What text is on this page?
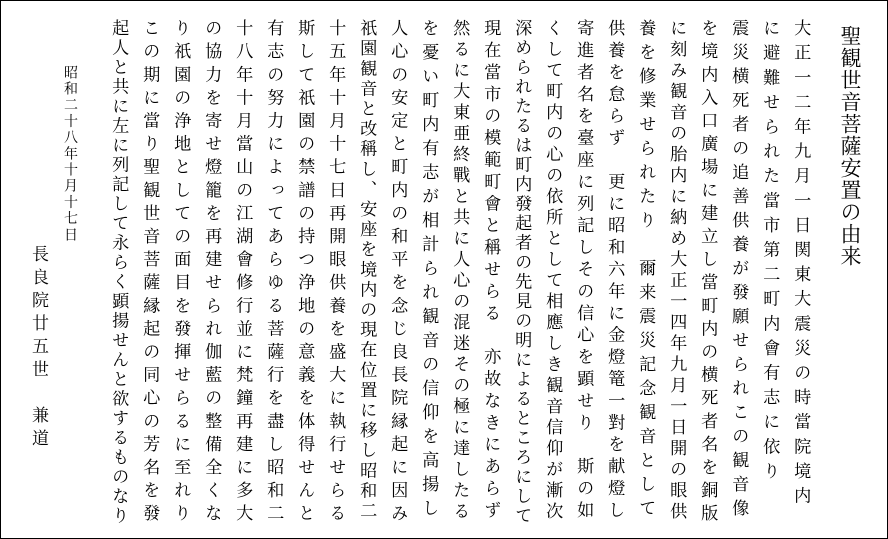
聖観世音菩薩安置の由来
大正一二年九月一日関東大震災の時當院境内
に避難せられた當市第二町内會有志に依り
震災横死者の追善供養が發願せられこの観音像
を境内入口廣場に建立し當町内の横死者名を銅版
に刻み観音の胎内に納め大正一四年九月一日開の眼供
養を修業せられたり　爾来震災記念観音として
供養を怠らず　更に昭和六年に金燈篭一對を献燈し
寄進者名を臺座に列記しその信心を顕せり　斯の如
くして町内の心の依所として相應しき観音信仰が漸次
深められたるは町内發起者の先見の明によるところにして
現在當市の模範町會と稱せらる　亦故なきにあらず
然るに大東亜終戰と共に人心の混迷その極に達したる
を憂い町内有志が相計られ観音の信仰を高揚し
人心の安定と町内の和平を念じ良長院縁起に因み
祇園観音と改稱し、安座を境内の現在位置に移し昭和二
十五年十月十七日再開眼供養を盛大に執行せらる
斯して祇園の禁譜の持つ浄地の意義を体得せんと
有志の努力によってあらゆる菩薩行を盡し昭和二
十八年十月當山の江湖會修行並に梵鐘再建に多大
の協力を寄せ燈籠を再建せられ伽藍の整備全くな
り祇園の浄地としての面目を發揮せらるに至れり
この期に當り聖観世音菩薩縁起の同心の芳名を發
起人と共に左に列記して永らく顕揚せんと欲するものなり
昭和二十八年十月十七日
長良院廿五世　兼道
